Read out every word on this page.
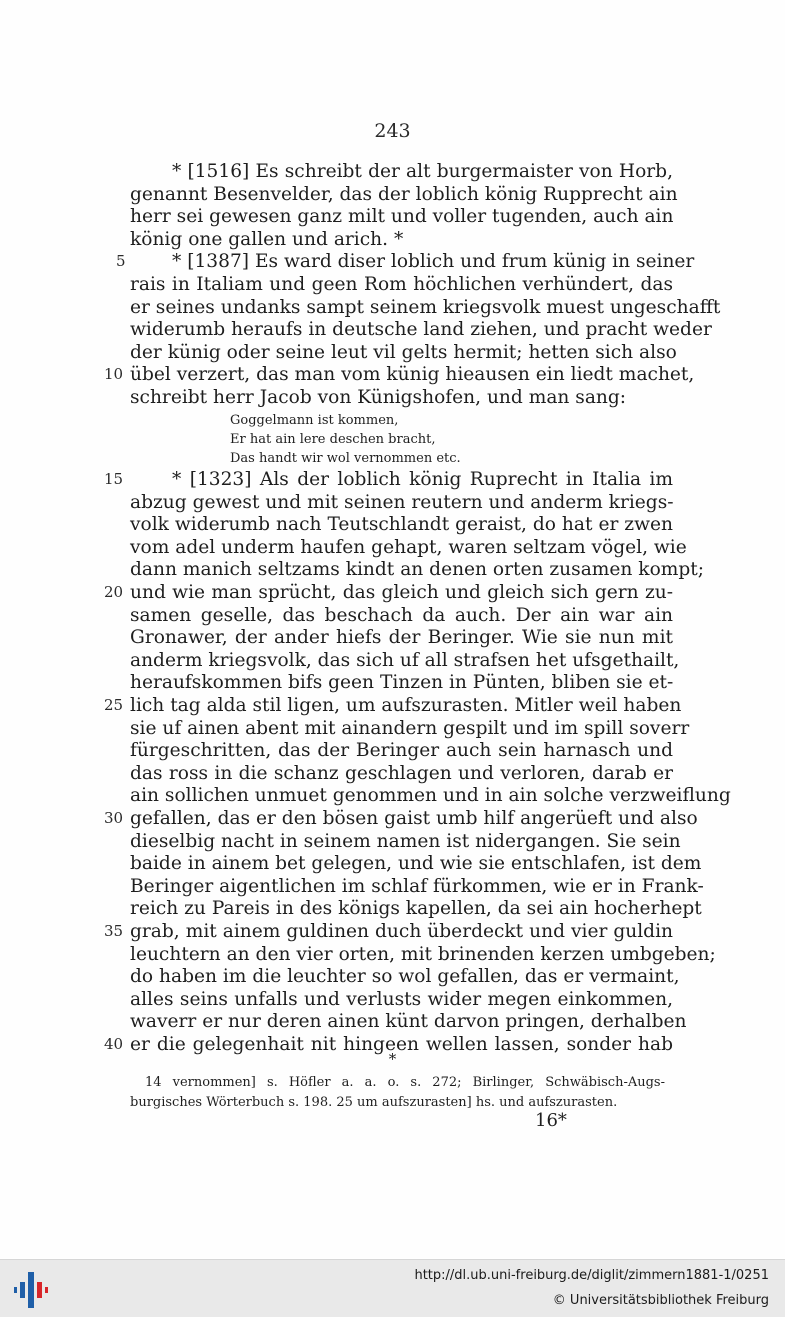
243
* [1516] Es schreibt der alt burgermaister von Horb,
genannt Besenvelder, das der loblich könig Rupprecht ain
herr sei gewesen ganz milt und voller tugenden, auch ain
könig one gallen und arich. *
* [1387] Es ward diser loblich und frum künig in seiner
5
rais in Italiam und geen Rom höchlichen verhündert, das
er seines undanks sampt seinem kriegsvolk muest ungeschafft
widerumb heraufs in deutsche land ziehen, und pracht weder
der künig oder seine leut vil gelts hermit; hetten sich also
übel verzert, das man vom künig hieausen ein liedt machet,
10
schreibt herr Jacob von Künigshofen, und man sang:
* [1323] Als der loblich könig Ruprecht in Italia im
15
abzug gewest und mit seinen reutern und anderm kriegs-
volk widerumb nach Teutschlandt geraist, do hat er zwen
vom adel underm haufen gehapt, waren seltzam vögel, wie
dann manich seltzams kindt an denen orten zusamen kompt;
und wie man sprücht, das gleich und gleich sich gern zu-
20
samen geselle, das beschach da auch. Der ain war ain
Gronawer, der ander hiefs der Beringer. Wie sie nun mit
anderm kriegsvolk, das sich uf all strafsen het ufsgethailt,
heraufskommen bifs geen Tinzen in Pünten, bliben sie et-
lich tag alda stil ligen, um aufszurasten. Mitler weil haben
25
sie uf ainen abent mit ainandern gespilt und im spill soverr
fürgeschritten, das der Beringer auch sein harnasch und
das ross in die schanz geschlagen und verloren, darab er
ain sollichen unmuet genommen und in ain solche verzweiflung
gefallen, das er den bösen gaist umb hilf angerüeft und also
30
dieselbig nacht in seinem namen ist nidergangen. Sie sein
baide in ainem bet gelegen, und wie sie entschlafen, ist dem
Beringer aigentlichen im schlaf fürkommen, wie er in Frank-
reich zu Pareis in des königs kapellen, da sei ain hocherhept
grab, mit ainem guldinen duch überdeckt und vier guldin
35
leuchtern an den vier orten, mit brinenden kerzen umbgeben;
do haben im die leuchter so wol gefallen, das er vermaint,
alles seins unfalls und verlusts wider megen einkommen,
waverr er nur deren ainen künt darvon pringen, derhalben
er die gelegenhait nit hingeen wellen lassen, sonder hab
40
Goggelmann ist kommen,
Er hat ain lere deschen bracht,
Das handt wir wol vernommen etc.
*
14 vernommen] s. Höfler a. a. o. s. 272; Birlinger, Schwäbisch-Augs-
burgisches Wörterbuch s. 198. 25 um aufszurasten] hs. und aufszurasten.
16*
http://dl.ub.uni-freiburg.de/diglit/zimmern1881-1/0251
© Universitätsbibliothek Freiburg
